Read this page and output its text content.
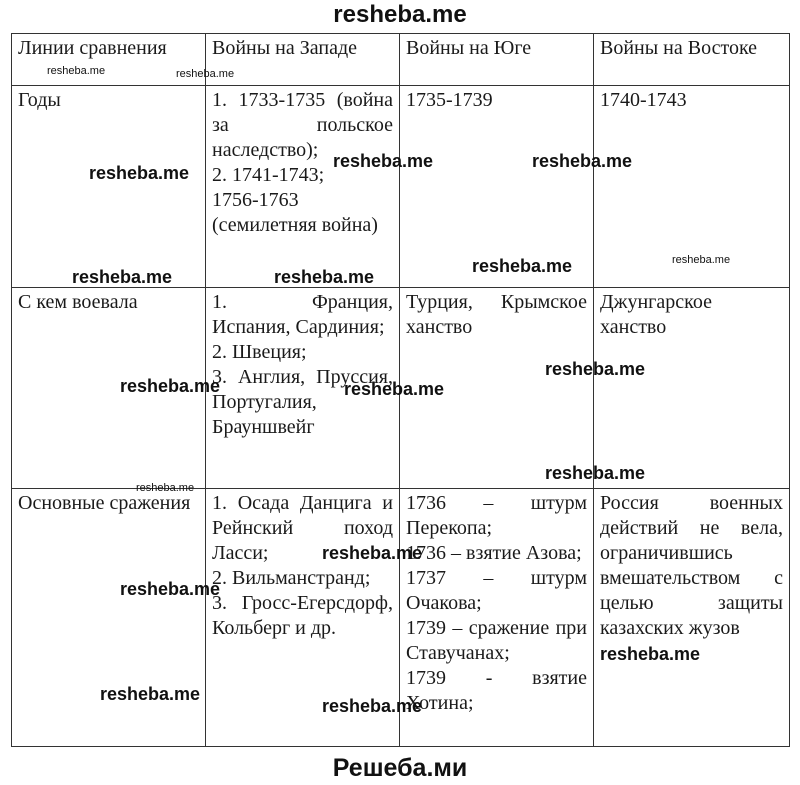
resheba.me
Линии сравнения	Войны на Западе	Войны на Юге	Войны на Востоке

Годы	1. 1733-1735 (война за польское наследство);
2. 1741-1743;
1756-1763 (семилетняя война)	1735-1739	1740-1743

С кем воевала	1. Франция, Испания, Сардиния;
2. Швеция;
3. Англия, Пруссия, Португалия, Брауншвейг	Турция, Крымское ханство	Джунгарское ханство

Основные сражения	1. Осада Данцига и Рейнский поход Ласси;
2. Вильманстранд;
3. Гросс-Егерсдорф, Кольберг и др.	1736 – штурм Перекопа;
1736 – взятие Азова;
1737 – штурм Очакова;
1739 – сражение при Ставучанах;
1739 - взятие Хотина;	Россия военных действий не вела, ограничившись вмешательством с целью защиты казахских жузов
resheba.me	resheba.me
resheba.me
resheba.me	resheba.me
resheba.me	resheba.me
resheba.me	resheba.me
resheba.me
resheba.me	resheba.me
resheba.me
resheba.me
resheba.me
resheba.me
resheba.me
resheba.me
resheba.me
Решеба.ми
